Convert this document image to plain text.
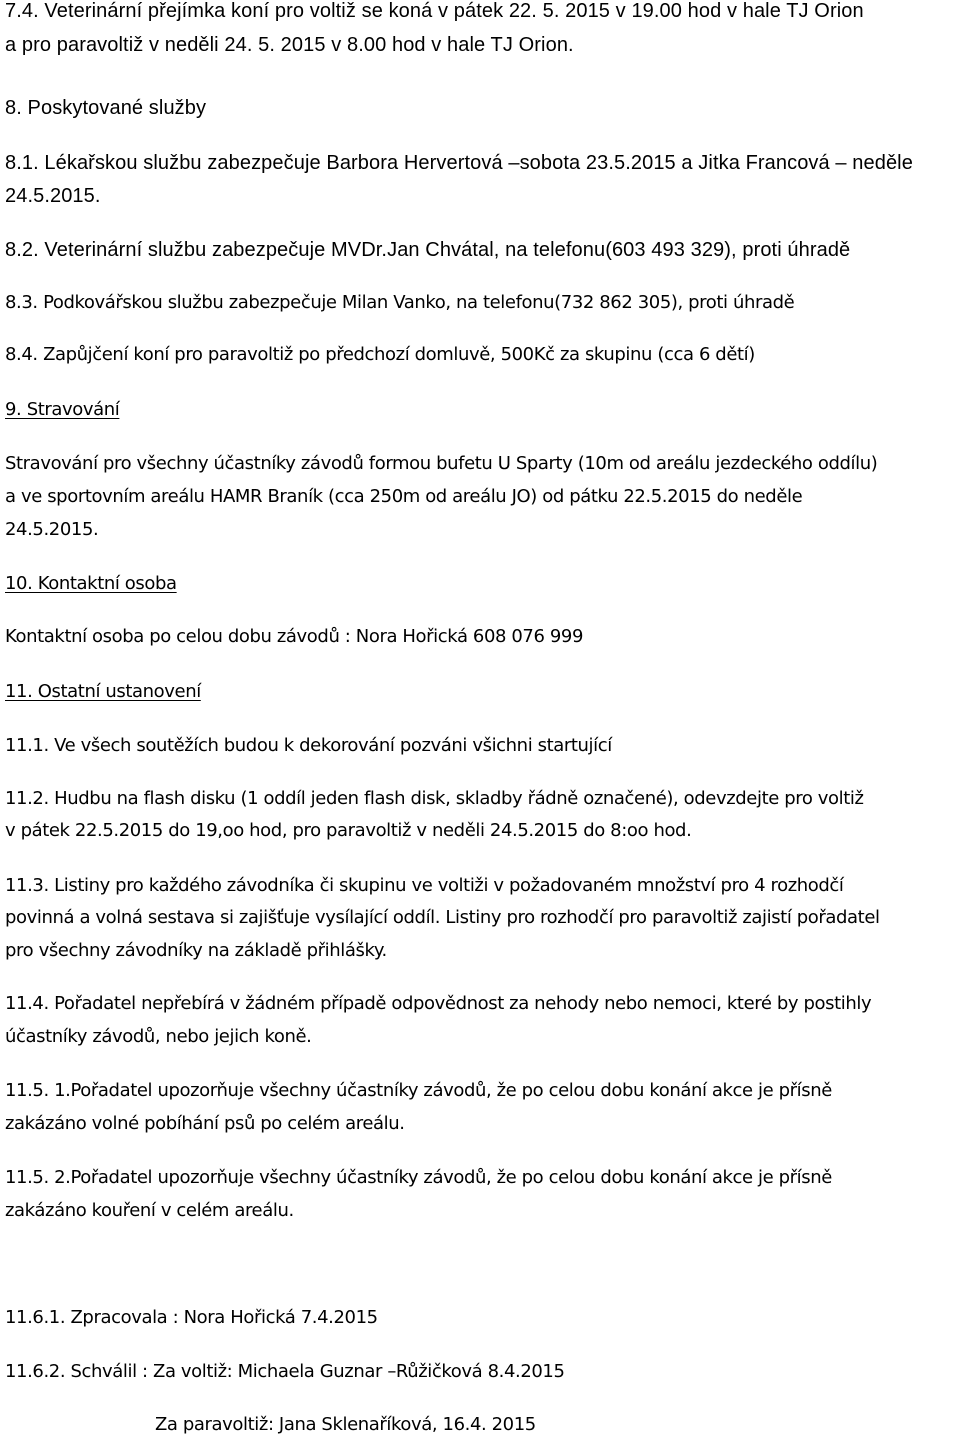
7.4. Veterinární přejímka koní pro voltiž se koná v pátek 22. 5. 2015 v 19.00 hod v hale TJ Orion

a pro paravoltiž v neděli 24. 5. 2015 v 8.00 hod v hale TJ Orion.

8. Poskytované služby

8.1. Lékařskou službu zabezpečuje Barbora Hervertová –sobota 23.5.2015 a Jitka Francová – neděle

24.5.2015.

8.2. Veterinární službu zabezpečuje MVDr.Jan Chvátal, na telefonu(603 493 329), proti úhradě

8.3. Podkovářskou službu zabezpečuje Milan Vanko, na telefonu(732 862 305), proti úhradě

8.4. Zapůjčení koní pro paravoltiž po předchozí domluvě, 500Kč za skupinu (cca 6 dětí)

9. Stravování

Stravování pro všechny účastníky závodů formou bufetu U Sparty (10m od areálu jezdeckého oddílu)

a ve sportovním areálu HAMR Braník (cca 250m od areálu JO) od pátku 22.5.2015 do neděle

24.5.2015.

10. Kontaktní osoba

Kontaktní osoba po celou dobu závodů : Nora Hořická 608 076 999

11. Ostatní ustanovení

11.1. Ve všech soutěžích budou k dekorování pozváni všichni startující

11.2. Hudbu na flash disku (1 oddíl jeden flash disk, skladby řádně označené), odevzdejte pro voltiž

v pátek 22.5.2015 do 19,oo hod, pro paravoltiž v neděli 24.5.2015 do 8:oo hod.

11.3. Listiny pro každého závodníka či skupinu ve voltiži v požadovaném množství pro 4 rozhodčí

povinná a volná sestava si zajišťuje vysílající oddíl. Listiny pro rozhodčí pro paravoltiž zajistí pořadatel

pro všechny závodníky na základě přihlášky.

11.4. Pořadatel nepřebírá v žádném případě odpovědnost za nehody nebo nemoci, které by postihly

účastníky závodů, nebo jejich koně.

11.5. 1.Pořadatel upozorňuje všechny účastníky závodů, že po celou dobu konání akce je přísně

zakázáno volné pobíhání psů po celém areálu.

11.5. 2.Pořadatel upozorňuje všechny účastníky závodů, že po celou dobu konání akce je přísně

zakázáno kouření v celém areálu.

11.6.1. Zpracovala : Nora Hořická 7.4.2015

11.6.2. Schválil : Za voltiž: Michaela Guznar –Růžičková 8.4.2015

Za paravoltiž: Jana Sklenaříková, 16.4. 2015
